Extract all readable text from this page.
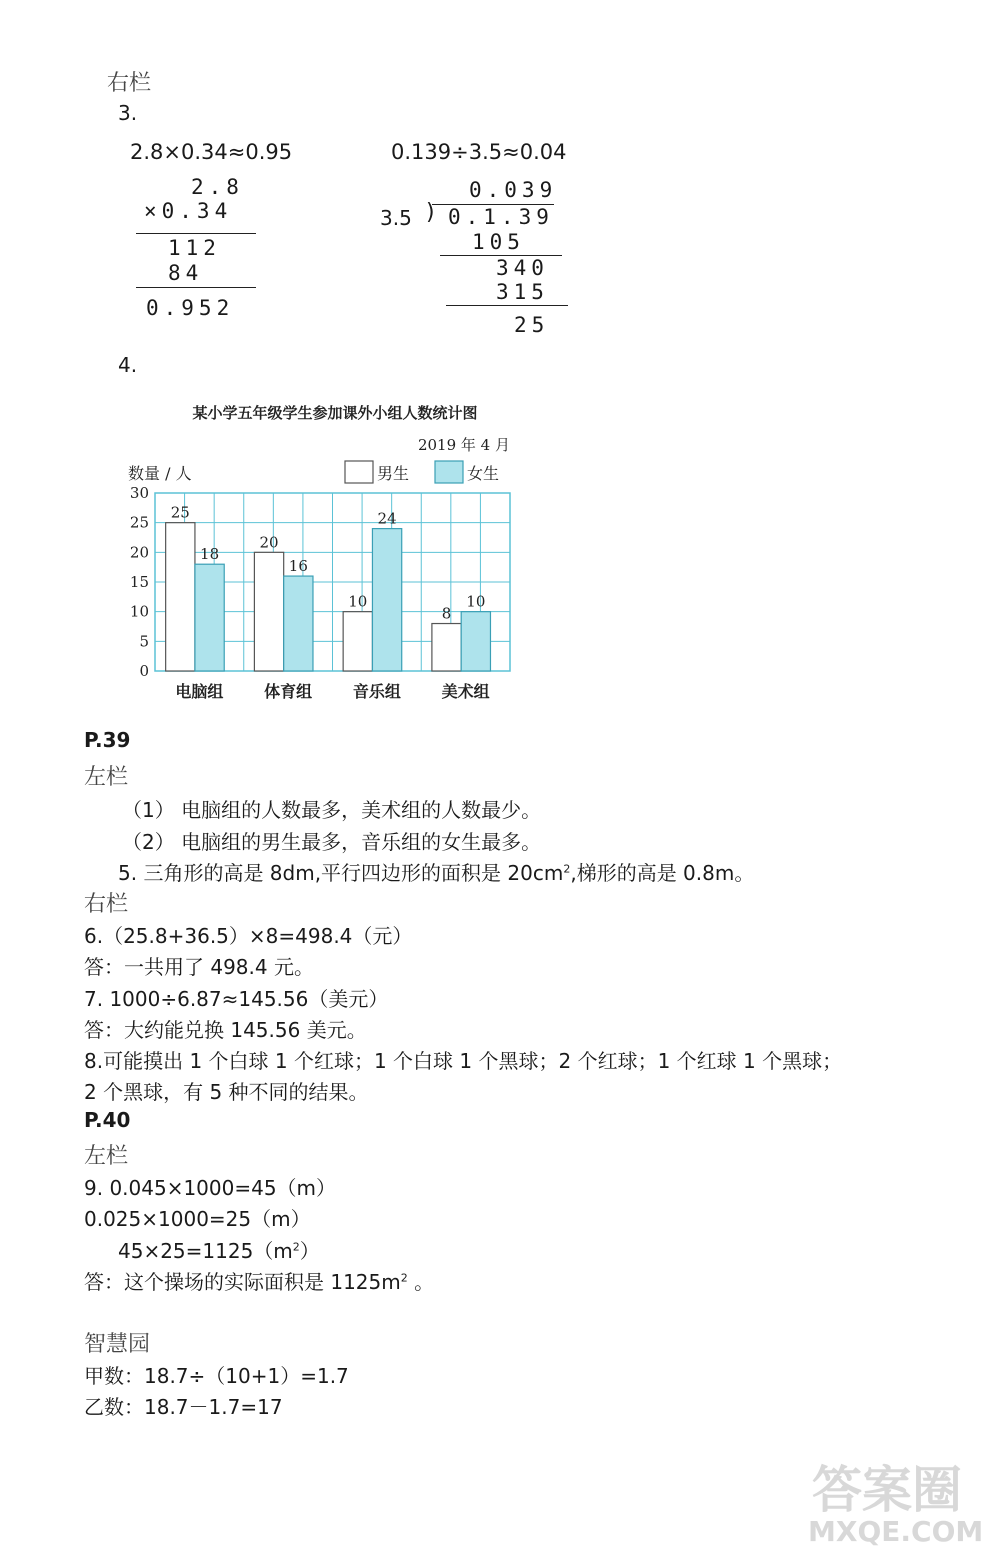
右栏
3.
2.8×0.34≈0.95
2.8
×0.34
112
84
0.952
0.139÷3.5≈0.04
0.039
3.5 ) 0.1.39
105
340
315
25
4.
某小学五年级学生参加课外小组人数统计图
2019 年 4 月
数量 / 人	男生	女生
0
5
10
15
20
25
30
25
18
20
16
10
24
8
10
电脑组	体育组	音乐组	美术组
P.39
左栏
（1） 电脑组的人数最多，美术组的人数最少。
（2） 电脑组的男生最多，音乐组的女生最多。
5. 三角形的高是 8dm,平行四边形的面积是 $20cm^2$,梯形的高是 0.8m。
右栏
6.（25.8+36.5）×8=498.4（元）
答：一共用了 498.4 元。
7. 1000÷6.87≈145.56（美元）
答：大约能兑换 145.56 美元。
8.可能摸出 1 个白球 1 个红球；1 个白球 1 个黑球；2 个红球；1 个红球 1 个黑球；
2 个黑球，有 5 种不同的结果。
P.40
左栏
9. 0.045×1000=45（m）
0.025×1000=25（m）
$45\times 25=1125(m^2)$
答：这个操场的实际面积是 $1125m^2$ 。
智慧园
甲数：18.7÷（10+1）=1.7
乙数：18.7－1.7=17
答案圈
MXQE.COM
